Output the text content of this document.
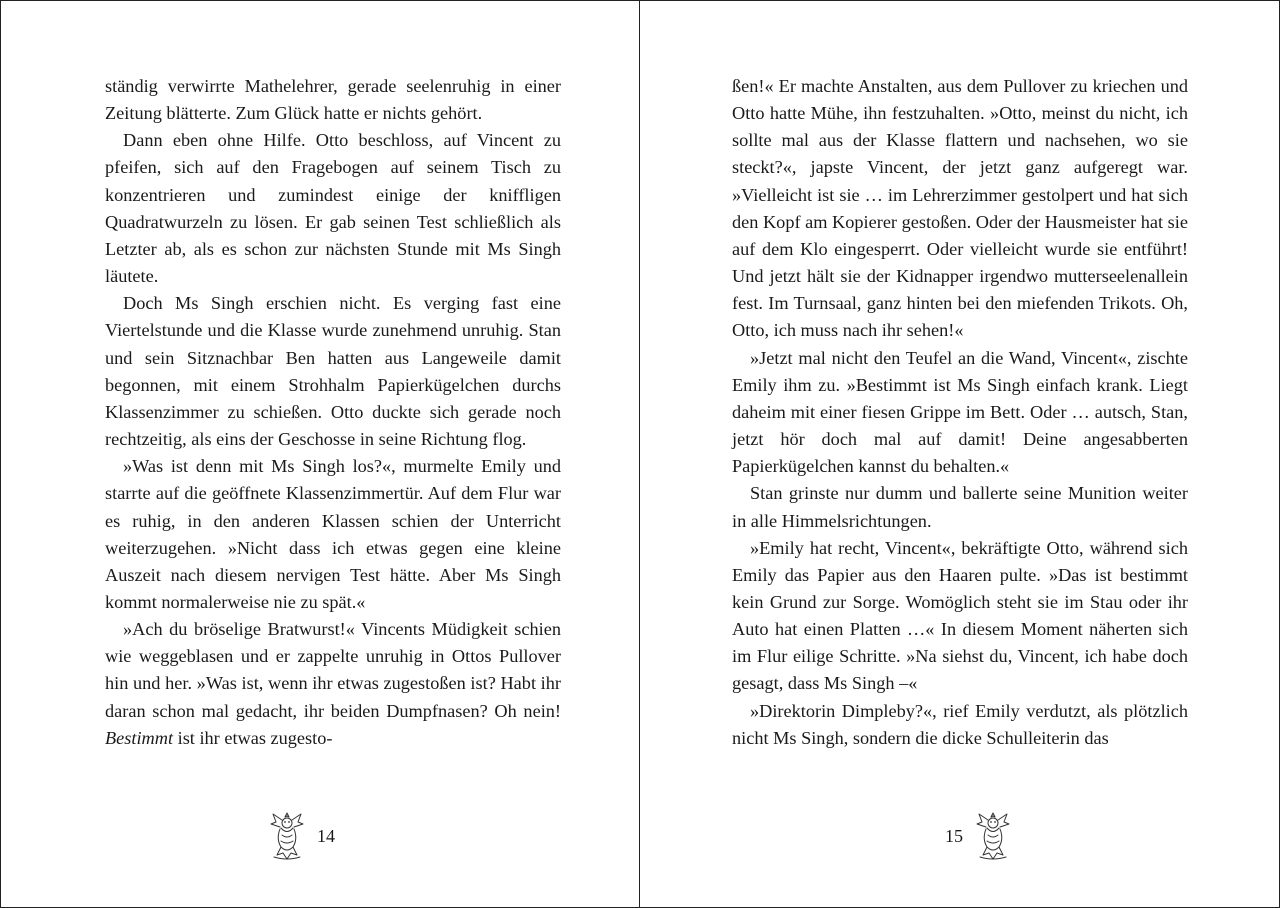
ständig verwirrte Mathelehrer, gerade seelenruhig in einer Zeitung blätterte. Zum Glück hatte er nichts gehört.

Dann eben ohne Hilfe. Otto beschloss, auf Vincent zu pfeifen, sich auf den Fragebogen auf seinem Tisch zu konzentrieren und zumindest einige der kniffligen Quadratwurzeln zu lösen. Er gab seinen Test schließlich als Letzter ab, als es schon zur nächsten Stunde mit Ms Singh läutete.

Doch Ms Singh erschien nicht. Es verging fast eine Viertelstunde und die Klasse wurde zunehmend unruhig. Stan und sein Sitznachbar Ben hatten aus Langeweile damit begonnen, mit einem Strohhalm Papierkügelchen durchs Klassenzimmer zu schießen. Otto duckte sich gerade noch rechtzeitig, als eins der Geschosse in seine Richtung flog.

»Was ist denn mit Ms Singh los?«, murmelte Emily und starrte auf die geöffnete Klassenzimmertür. Auf dem Flur war es ruhig, in den anderen Klassen schien der Unterricht weiterzugehen. »Nicht dass ich etwas gegen eine kleine Auszeit nach diesem nervigen Test hätte. Aber Ms Singh kommt normalerweise nie zu spät.«

»Ach du bröselige Bratwurst!« Vincents Müdigkeit schien wie weggeblasen und er zappelte unruhig in Ottos Pullover hin und her. »Was ist, wenn ihr etwas zugestoßen ist? Habt ihr daran schon mal gedacht, ihr beiden Dumpfnasen? Oh nein! Bestimmt ist ihr etwas zugesto-

14

ßen!« Er machte Anstalten, aus dem Pullover zu kriechen und Otto hatte Mühe, ihn festzuhalten. »Otto, meinst du nicht, ich sollte mal aus der Klasse flattern und nachsehen, wo sie steckt?«, japste Vincent, der jetzt ganz aufgeregt war. »Vielleicht ist sie … im Lehrerzimmer gestolpert und hat sich den Kopf am Kopierer gestoßen. Oder der Hausmeister hat sie auf dem Klo eingesperrt. Oder vielleicht wurde sie entführt! Und jetzt hält sie der Kidnapper irgendwo mutterseelenallein fest. Im Turnsaal, ganz hinten bei den miefenden Trikots. Oh, Otto, ich muss nach ihr sehen!«

»Jetzt mal nicht den Teufel an die Wand, Vincent«, zischte Emily ihm zu. »Bestimmt ist Ms Singh einfach krank. Liegt daheim mit einer fiesen Grippe im Bett. Oder … autsch, Stan, jetzt hör doch mal auf damit! Deine angesabberten Papierkügelchen kannst du behalten.«

Stan grinste nur dumm und ballerte seine Munition weiter in alle Himmelsrichtungen.

»Emily hat recht, Vincent«, bekräftigte Otto, während sich Emily das Papier aus den Haaren pulte. »Das ist bestimmt kein Grund zur Sorge. Womöglich steht sie im Stau oder ihr Auto hat einen Platten …« In diesem Moment näherten sich im Flur eilige Schritte. »Na siehst du, Vincent, ich habe doch gesagt, dass Ms Singh –«

»Direktorin Dimpleby?«, rief Emily verdutzt, als plötzlich nicht Ms Singh, sondern die dicke Schulleiterin das

15
